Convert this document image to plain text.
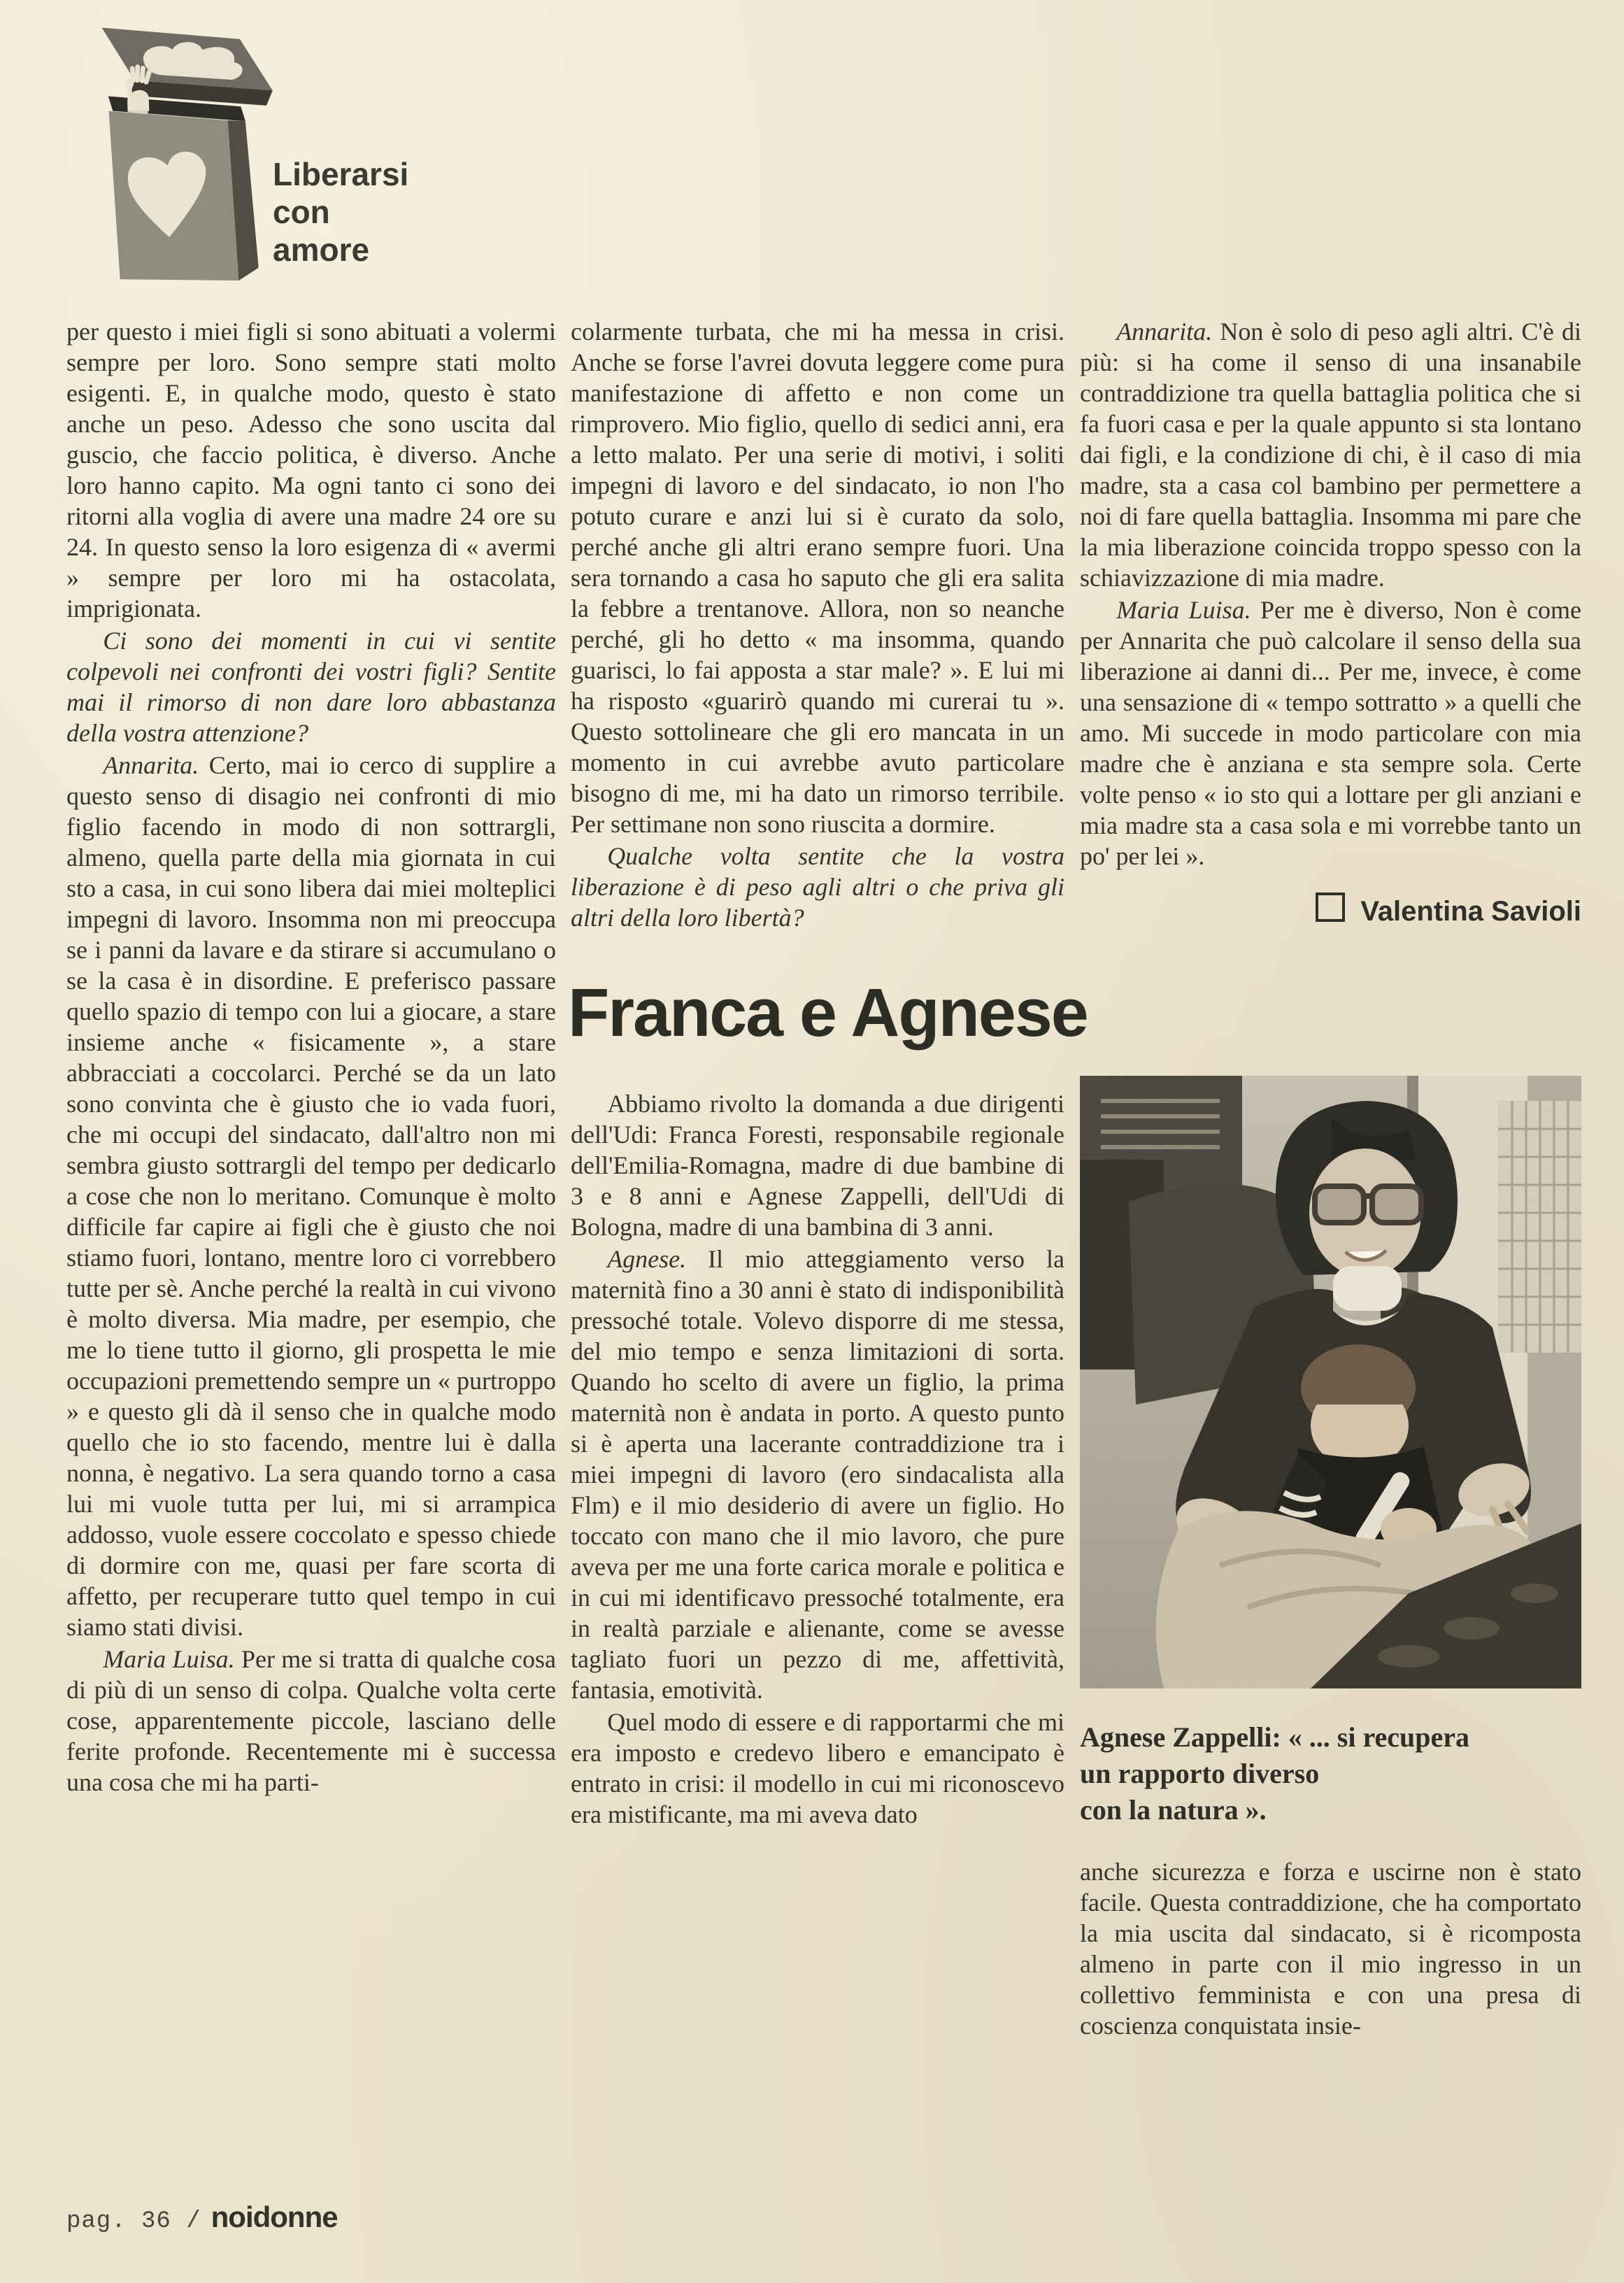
Liberarsi
con
amore

per questo i miei figli si sono abituati a volermi sempre per loro. Sono sempre stati molto esigenti. E, in qualche modo, questo è stato anche un peso. Adesso che sono uscita dal guscio, che faccio politica, è diverso. Anche loro hanno capito. Ma ogni tanto ci sono dei ritorni alla voglia di avere una madre 24 ore su 24. In questo senso la loro esigenza di « avermi » sempre per loro mi ha ostacolata, imprigionata.

Ci sono dei momenti in cui vi sentite colpevoli nei confronti dei vostri figli? Sentite mai il rimorso di non dare loro abbastanza della vostra attenzione?

Annarita. Certo, mai io cerco di supplire a questo senso di disagio nei confronti di mio figlio facendo in modo di non sottrargli, almeno, quella parte della mia giornata in cui sto a casa, in cui sono libera dai miei molteplici impegni di lavoro. Insomma non mi preoccupa se i panni da lavare e da stirare si accumulano o se la casa è in disordine. E preferisco passare quello spazio di tempo con lui a giocare, a stare insieme anche « fisicamente », a stare abbracciati a coccolarci. Perché se da un lato sono convinta che è giusto che io vada fuori, che mi occupi del sindacato, dall'altro non mi sembra giusto sottrargli del tempo per dedicarlo a cose che non lo meritano. Comunque è molto difficile far capire ai figli che è giusto che noi stiamo fuori, lontano, mentre loro ci vorrebbero tutte per sè. Anche perché la realtà in cui vivono è molto diversa. Mia madre, per esempio, che me lo tiene tutto il giorno, gli prospetta le mie occupazioni premettendo sempre un « purtroppo » e questo gli dà il senso che in qualche modo quello che io sto facendo, mentre lui è dalla nonna, è negativo. La sera quando torno a casa lui mi vuole tutta per lui, mi si arrampica addosso, vuole essere coccolato e spesso chiede di dormire con me, quasi per fare scorta di affetto, per recuperare tutto quel tempo in cui siamo stati divisi.

Maria Luisa. Per me si tratta di qualche cosa di più di un senso di colpa. Qualche volta certe cose, apparentemente piccole, lasciano delle ferite profonde. Recentemente mi è successa una cosa che mi ha parti-

colarmente turbata, che mi ha messa in crisi. Anche se forse l'avrei dovuta leggere come pura manifestazione di affetto e non come un rimprovero. Mio figlio, quello di sedici anni, era a letto malato. Per una serie di motivi, i soliti impegni di lavoro e del sindacato, io non l'ho potuto curare e anzi lui si è curato da solo, perché anche gli altri erano sempre fuori. Una sera tornando a casa ho saputo che gli era salita la febbre a trentanove. Allora, non so neanche perché, gli ho detto « ma insomma, quando guarisci, lo fai apposta a star male? ». E lui mi ha risposto «guarirò quando mi curerai tu ». Questo sottolineare che gli ero mancata in un momento in cui avrebbe avuto particolare bisogno di me, mi ha dato un rimorso terribile. Per settimane non sono riuscita a dormire.

Qualche volta sentite che la vostra liberazione è di peso agli altri o che priva gli altri della loro libertà?

Franca e Agnese

Abbiamo rivolto la domanda a due dirigenti dell'Udi: Franca Foresti, responsabile regionale dell'Emilia-Romagna, madre di due bambine di 3 e 8 anni e Agnese Zappelli, dell'Udi di Bologna, madre di una bambina di 3 anni.

Agnese. Il mio atteggiamento verso la maternità fino a 30 anni è stato di indisponibilità pressoché totale. Volevo disporre di me stessa, del mio tempo e senza limitazioni di sorta. Quando ho scelto di avere un figlio, la prima maternità non è andata in porto. A questo punto si è aperta una lacerante contraddizione tra i miei impegni di lavoro (ero sindacalista alla Flm) e il mio desiderio di avere un figlio. Ho toccato con mano che il mio lavoro, che pure aveva per me una forte carica morale e politica e in cui mi identificavo pressoché totalmente, era in realtà parziale e alienante, come se avesse tagliato fuori un pezzo di me, affettività, fantasia, emotività.

Quel modo di essere e di rapportarmi che mi era imposto e credevo libero e emancipato è entrato in crisi: il modello in cui mi riconoscevo era mistificante, ma mi aveva dato

Annarita. Non è solo di peso agli altri. C'è di più: si ha come il senso di una insanabile contraddizione tra quella battaglia politica che si fa fuori casa e per la quale appunto si sta lontano dai figli, e la condizione di chi, è il caso di mia madre, sta a casa col bambino per permettere a noi di fare quella battaglia. Insomma mi pare che la mia liberazione coincida troppo spesso con la schiavizzazione di mia madre.

Maria Luisa. Per me è diverso, Non è come per Annarita che può calcolare il senso della sua liberazione ai danni di... Per me, invece, è come una sensazione di « tempo sottratto » a quelli che amo. Mi succede in modo particolare con mia madre che è anziana e sta sempre sola. Certe volte penso « io sto qui a lottare per gli anziani e mia madre sta a casa sola e mi vorrebbe tanto un po' per lei ».

Valentina Savioli
Agnese Zappelli: « ... si recupera
un rapporto diverso
con la natura ».

anche sicurezza e forza e uscirne non è stato facile. Questa contraddizione, che ha comportato la mia uscita dal sindacato, si è ricomposta almeno in parte con il mio ingresso in un collettivo femminista e con una presa di coscienza conquistata insie-

pag. 36 / noidonne
